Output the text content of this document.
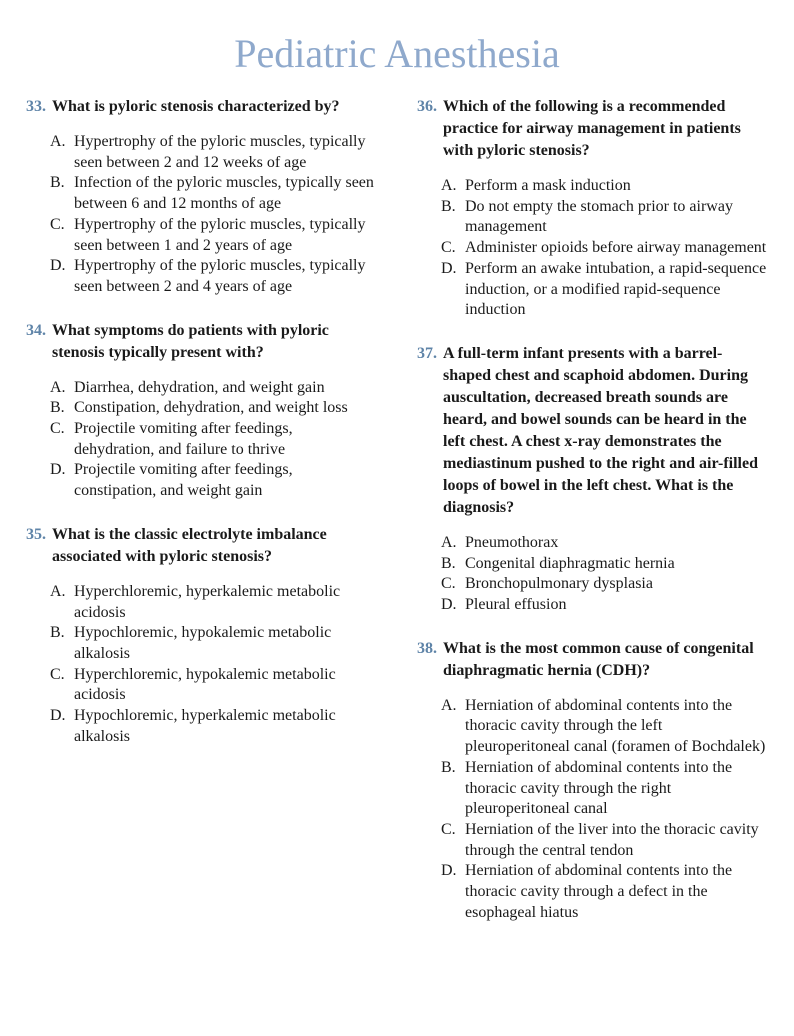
Pediatric Anesthesia
33. What is pyloric stenosis characterized by?
A. Hypertrophy of the pyloric muscles, typically seen between 2 and 12 weeks of age
B. Infection of the pyloric muscles, typically seen between 6 and 12 months of age
C. Hypertrophy of the pyloric muscles, typically seen between 1 and 2 years of age
D. Hypertrophy of the pyloric muscles, typically seen between 2 and 4 years of age
34. What symptoms do patients with pyloric stenosis typically present with?
A. Diarrhea, dehydration, and weight gain
B. Constipation, dehydration, and weight loss
C. Projectile vomiting after feedings, dehydration, and failure to thrive
D. Projectile vomiting after feedings, constipation, and weight gain
35. What is the classic electrolyte imbalance associated with pyloric stenosis?
A. Hyperchloremic, hyperkalemic metabolic acidosis
B. Hypochloremic, hypokalemic metabolic alkalosis
C. Hyperchloremic, hypokalemic metabolic acidosis
D. Hypochloremic, hyperkalemic metabolic alkalosis
36. Which of the following is a recommended practice for airway management in patients with pyloric stenosis?
A. Perform a mask induction
B. Do not empty the stomach prior to airway management
C. Administer opioids before airway management
D. Perform an awake intubation, a rapid-sequence induction, or a modified rapid-sequence induction
37. A full-term infant presents with a barrel-shaped chest and scaphoid abdomen. During auscultation, decreased breath sounds are heard, and bowel sounds can be heard in the left chest. A chest x-ray demonstrates the mediastinum pushed to the right and air-filled loops of bowel in the left chest. What is the diagnosis?
A. Pneumothorax
B. Congenital diaphragmatic hernia
C. Bronchopulmonary dysplasia
D. Pleural effusion
38. What is the most common cause of congenital diaphragmatic hernia (CDH)?
A. Herniation of abdominal contents into the thoracic cavity through the left pleuroperitoneal canal (foramen of Bochdalek)
B. Herniation of abdominal contents into the thoracic cavity through the right pleuroperitoneal canal
C. Herniation of the liver into the thoracic cavity through the central tendon
D. Herniation of abdominal contents into the thoracic cavity through a defect in the esophageal hiatus
